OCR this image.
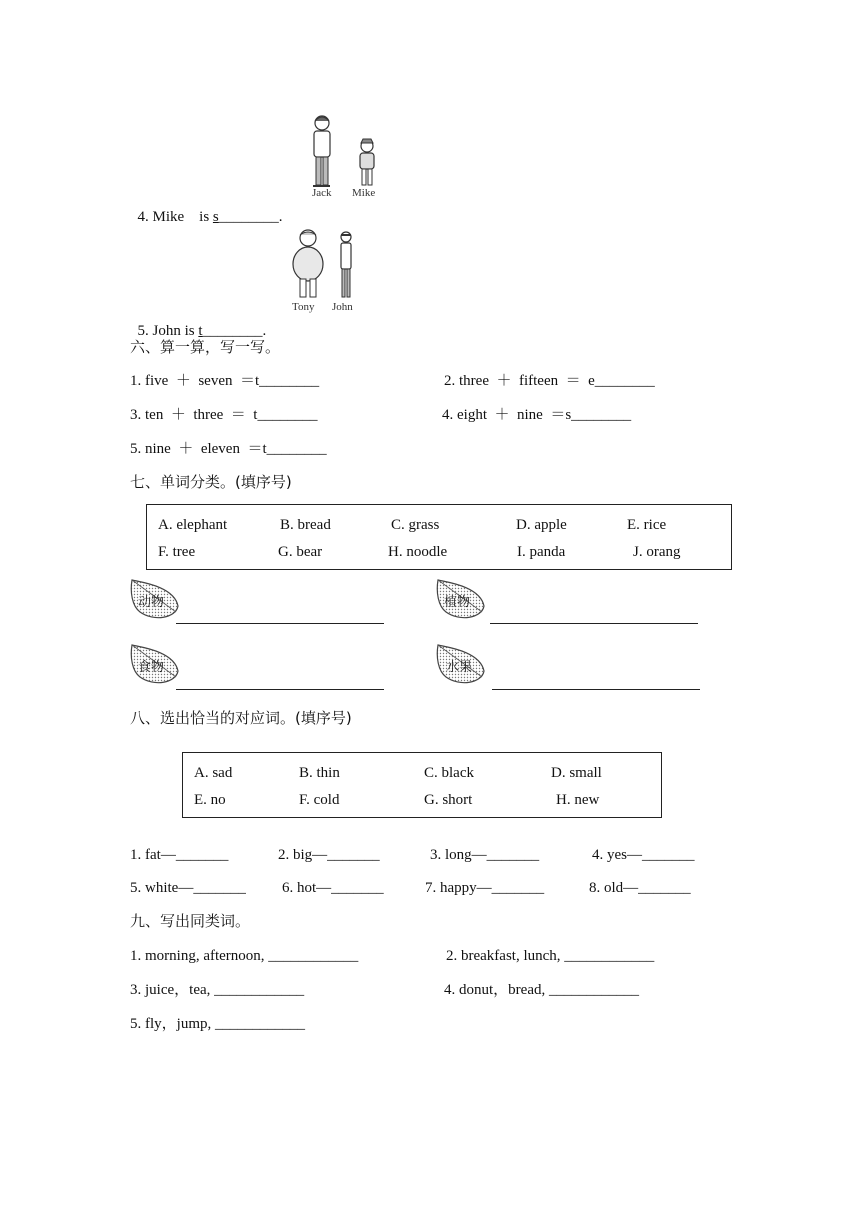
Jack Mike

4. Mike    is s________.

Tony John

5. John is t________.

六、算一算，写一写。
1. five  ＋  seven  ＝t________	2. three  ＋  fifteen  ＝  e________
3. ten  ＋  three  ＝  t________	4. eight  ＋  nine  ＝s________
5. nine  ＋  eleven  ＝t________
七、单词分类。(填序号)
A. elephant	B. bread	C. grass	D. apple	E. rice
F. tree	G. bear	H. noodle	I. panda	J. orang
动物	植物
食物	水果
八、选出恰当的对应词。(填序号)
A. sad	B. thin	C. black	D. small
E. no	F. cold	G. short	H. new
1. fat—_______	2. big—_______	3. long—_______	4. yes—_______
5. white—_______ 6. hot—_______	7. happy—_______	8. old—_______
九、写出同类词。
1. morning, afternoon, ____________	2. breakfast, lunch, ____________
3. juice，tea, ____________	4. donut，bread, ____________
5. fly，jump, ____________
